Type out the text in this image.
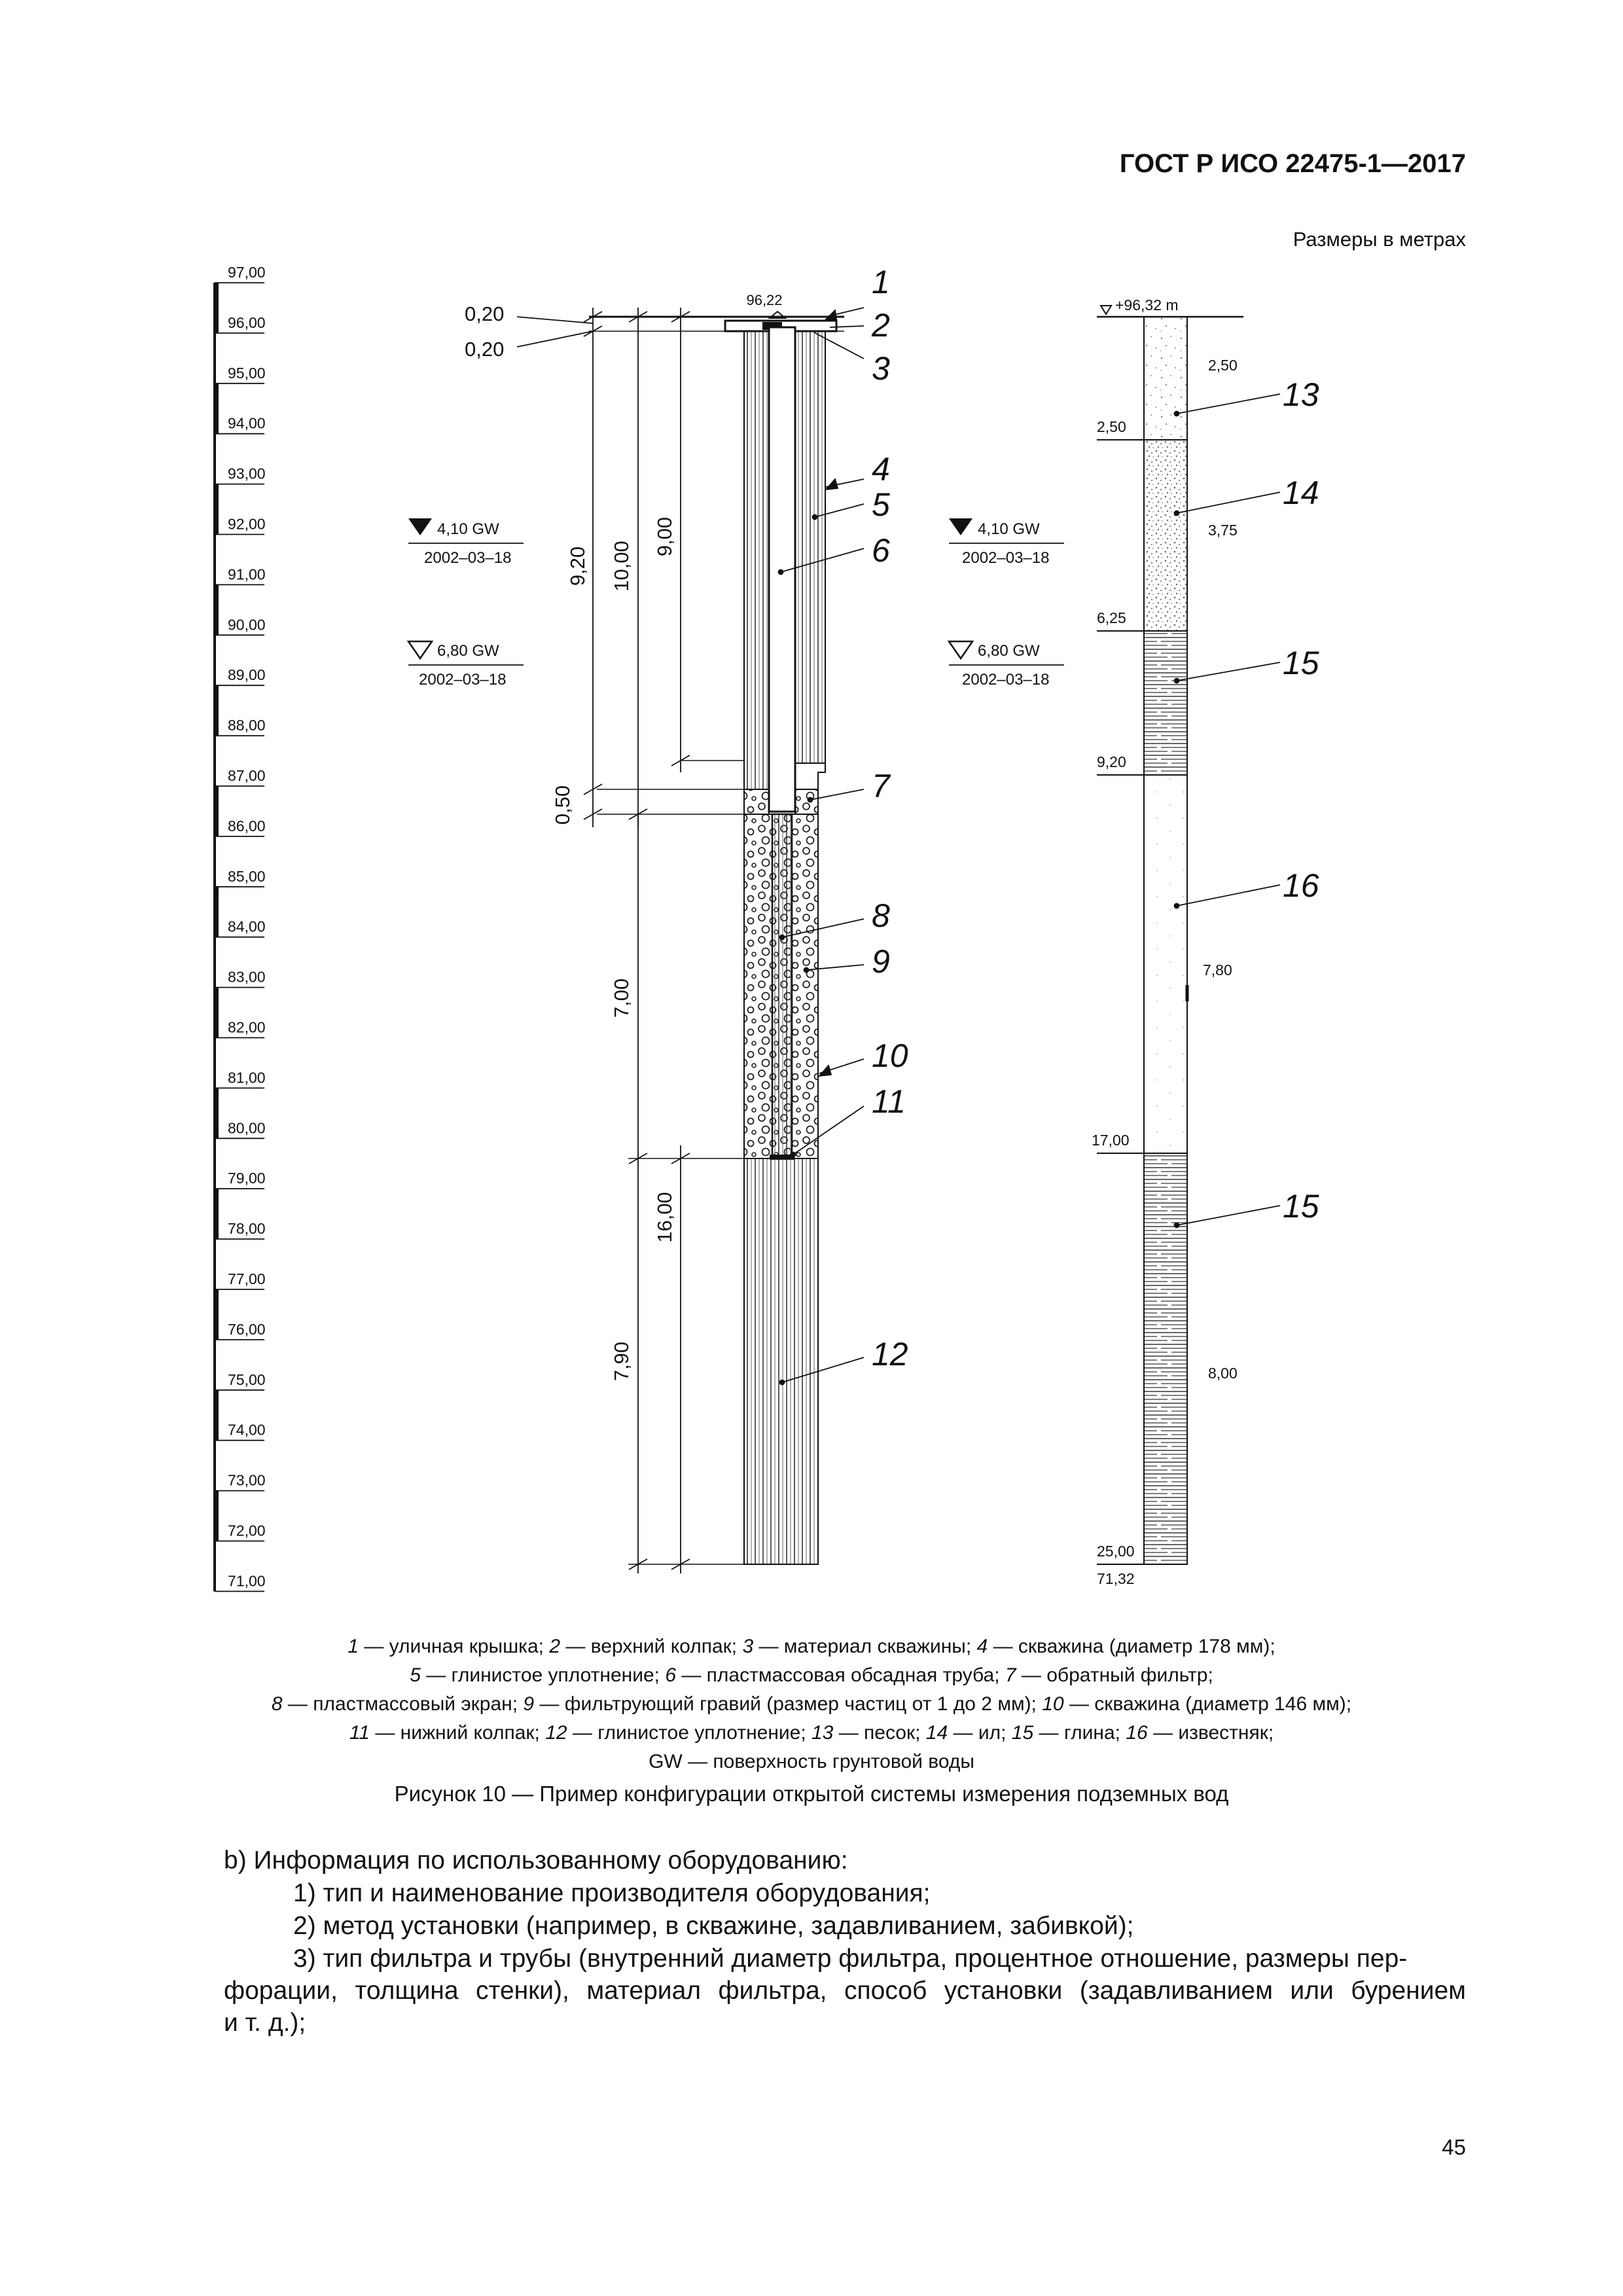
ГОСТ Р ИСО 22475-1—2017
Размеры в метрах
97,00
96,00
95,00
94,00
93,00
92,00
91,00
90,00
89,00
88,00
87,00
86,00
85,00
84,00
83,00
82,00
81,00
80,00
79,00
78,00
77,00
76,00
75,00
74,00
73,00
72,00
71,00
0,20
0,20
96,22
9,20 10,00
9,00
0,50
7,00
16,00
7,90
1
2
3
4
5
6
7
8
9
10
11
12
13
14
15
16
15
4,10 GW
2002–03–18
6,80 GW
2002–03–18
4,10 GW
2002–03–18
6,80 GW
2002–03–18
+96,32 m
2,50
6,25
9,20
17,00
25,00
71,32
2,50
3,75
7,80
8,00
1 — уличная крышка; 2 — верхний колпак; 3 — материал скважины; 4 — скважина (диаметр 178 мм);
5 — глинистое уплотнение; 6 — пластмассовая обсадная труба; 7 — обратный фильтр;
8 — пластмассовый экран; 9 — фильтрующий гравий (размер частиц от 1 до 2 мм); 10 — скважина (диаметр 146 мм);
11 — нижний колпак; 12 — глинистое уплотнение; 13 — песок; 14 — ил; 15 — глина; 16 — известняк;
GW — поверхность грунтовой воды
Рисунок 10 — Пример конфигурации открытой системы измерения подземных вод
b) Информация по использованному оборудованию:
1) тип и наименование производителя оборудования;
2) метод установки (например, в скважине, задавливанием, забивкой);
3) тип фильтра и трубы (внутренний диаметр фильтра, процентное отношение, размеры пер-
форации, толщина стенки), материал фильтра, способ установки (задавливанием или бурением
и т. д.);
45
